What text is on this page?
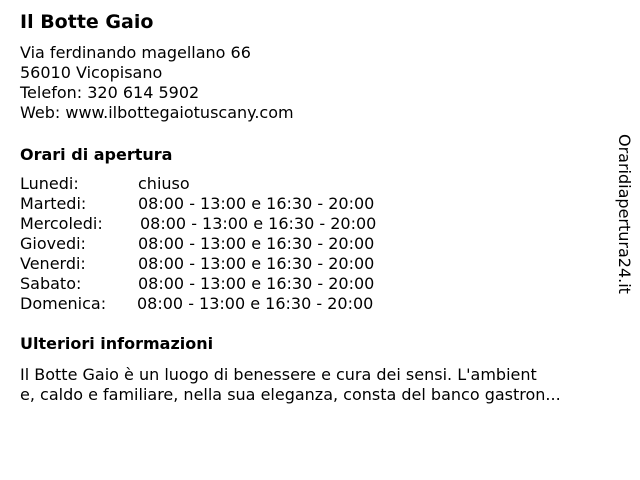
Il Botte Gaio
Via ferdinando magellano 66
56010 Vicopisano
Telefon: 320 614 5902
Web: www.ilbottegaiotuscany.com
Orari di apertura
Lunedi:	chiuso
Martedi:	08:00 - 13:00 e 16:30 - 20:00
Mercoledi: 08:00 - 13:00 e 16:30 - 20:00
Giovedi:	08:00 - 13:00 e 16:30 - 20:00
Venerdi:	08:00 - 13:00 e 16:30 - 20:00
Sabato:	08:00 - 13:00 e 16:30 - 20:00
Domenica: 08:00 - 13:00 e 16:30 - 20:00
Ulteriori informazioni
Il Botte Gaio è un luogo di benessere e cura dei sensi. L'ambient
e, caldo e familiare, nella sua eleganza, consta del banco gastron...
Oraridiapertura24.it
